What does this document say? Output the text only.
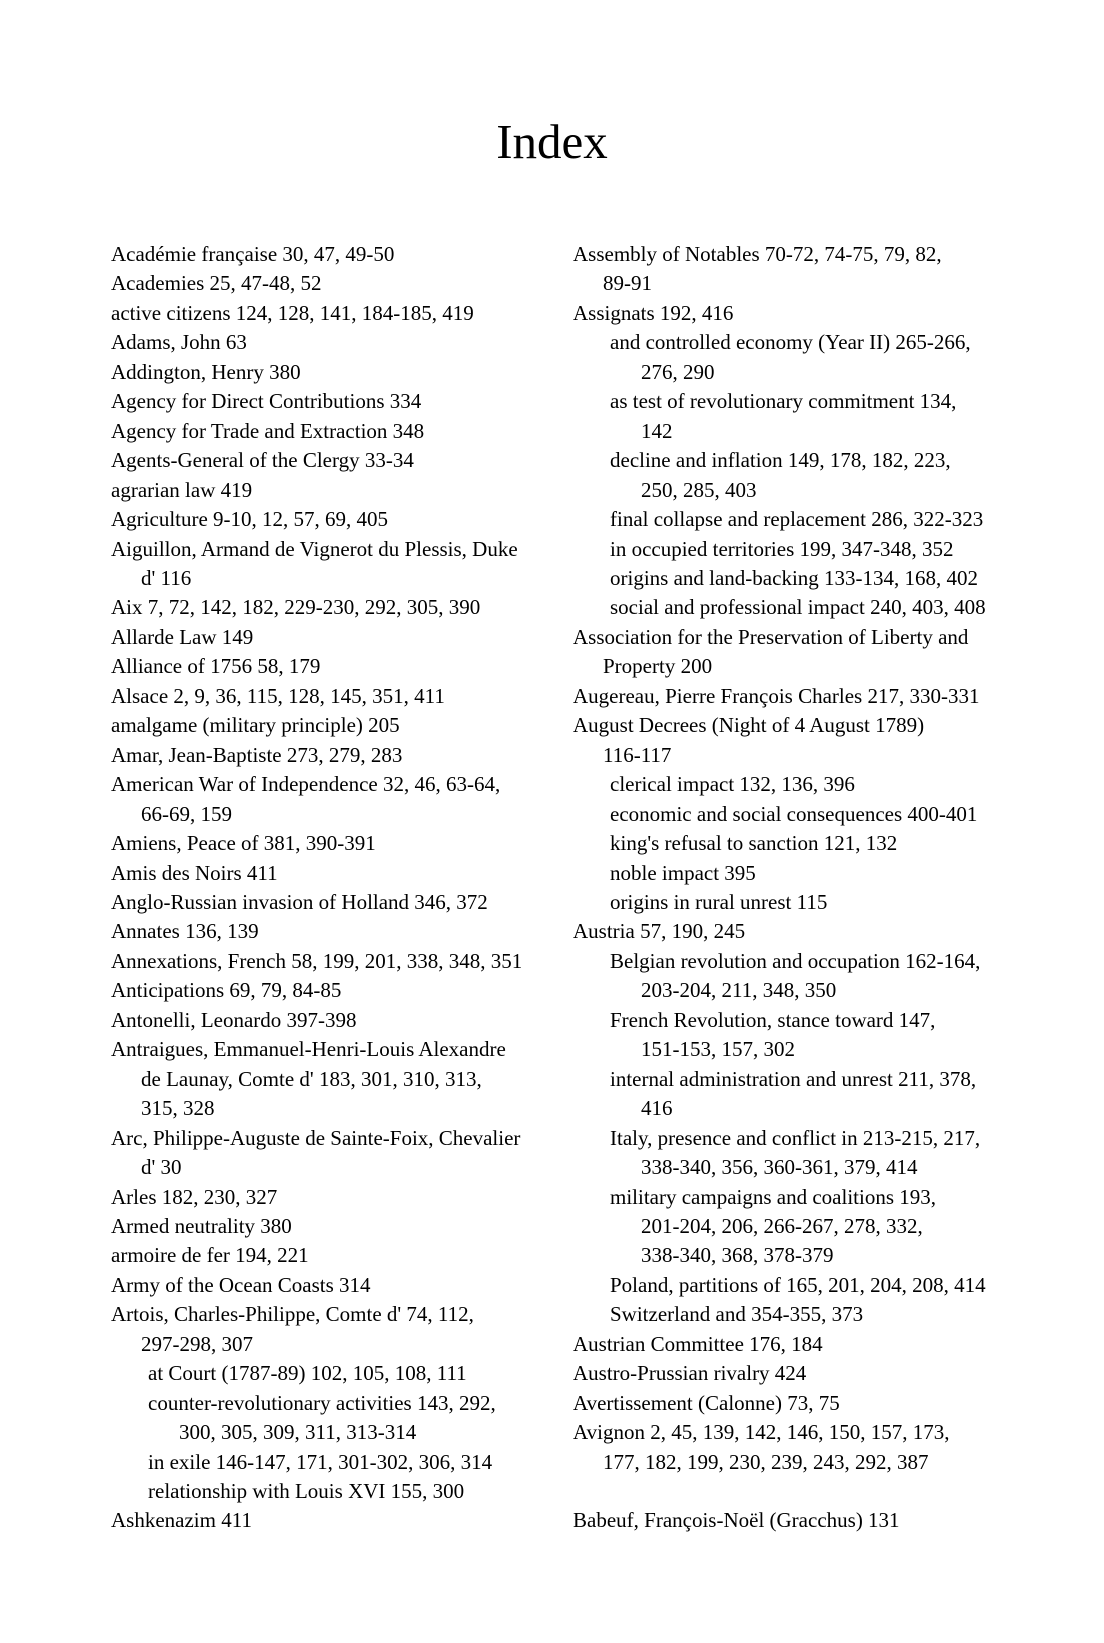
Index
Académie française 30, 47, 49-50
Academies 25, 47-48, 52
active citizens 124, 128, 141, 184-185, 419
Adams, John 63
Addington, Henry 380
Agency for Direct Contributions 334
Agency for Trade and Extraction 348
Agents-General of the Clergy 33-34
agrarian law 419
Agriculture 9-10, 12, 57, 69, 405
Aiguillon, Armand de Vignerot du Plessis, Duke
d' 116
Aix 7, 72, 142, 182, 229-230, 292, 305, 390
Allarde Law 149
Alliance of 1756 58, 179
Alsace 2, 9, 36, 115, 128, 145, 351, 411
amalgame (military principle) 205
Amar, Jean-Baptiste 273, 279, 283
American War of Independence 32, 46, 63-64,
66-69, 159
Amiens, Peace of 381, 390-391
Amis des Noirs 411
Anglo-Russian invasion of Holland 346, 372
Annates 136, 139
Annexations, French 58, 199, 201, 338, 348, 351
Anticipations 69, 79, 84-85
Antonelli, Leonardo 397-398
Antraigues, Emmanuel-Henri-Louis Alexandre
de Launay, Comte d' 183, 301, 310, 313,
315, 328
Arc, Philippe-Auguste de Sainte-Foix, Chevalier
d' 30
Arles 182, 230, 327
Armed neutrality 380
armoire de fer 194, 221
Army of the Ocean Coasts 314
Artois, Charles-Philippe, Comte d' 74, 112,
297-298, 307
at Court (1787-89) 102, 105, 108, 111
counter-revolutionary activities 143, 292,
300, 305, 309, 311, 313-314
in exile 146-147, 171, 301-302, 306, 314
relationship with Louis XVI 155, 300
Ashkenazim 411
Assembly of Notables 70-72, 74-75, 79, 82,
89-91
Assignats 192, 416
and controlled economy (Year II) 265-266,
276, 290
as test of revolutionary commitment 134,
142
decline and inflation 149, 178, 182, 223,
250, 285, 403
final collapse and replacement 286, 322-323
in occupied territories 199, 347-348, 352
origins and land-backing 133-134, 168, 402
social and professional impact 240, 403, 408
Association for the Preservation of Liberty and
Property 200
Augereau, Pierre François Charles 217, 330-331
August Decrees (Night of 4 August 1789)
116-117
clerical impact 132, 136, 396
economic and social consequences 400-401
king's refusal to sanction 121, 132
noble impact 395
origins in rural unrest 115
Austria 57, 190, 245
Belgian revolution and occupation 162-164,
203-204, 211, 348, 350
French Revolution, stance toward 147,
151-153, 157, 302
internal administration and unrest 211, 378,
416
Italy, presence and conflict in 213-215, 217,
338-340, 356, 360-361, 379, 414
military campaigns and coalitions 193,
201-204, 206, 266-267, 278, 332,
338-340, 368, 378-379
Poland, partitions of 165, 201, 204, 208, 414
Switzerland and 354-355, 373
Austrian Committee 176, 184
Austro-Prussian rivalry 424
Avertissement (Calonne) 73, 75
Avignon 2, 45, 139, 142, 146, 150, 157, 173,
177, 182, 199, 230, 239, 243, 292, 387
Babeuf, François-Noël (Gracchus) 131
